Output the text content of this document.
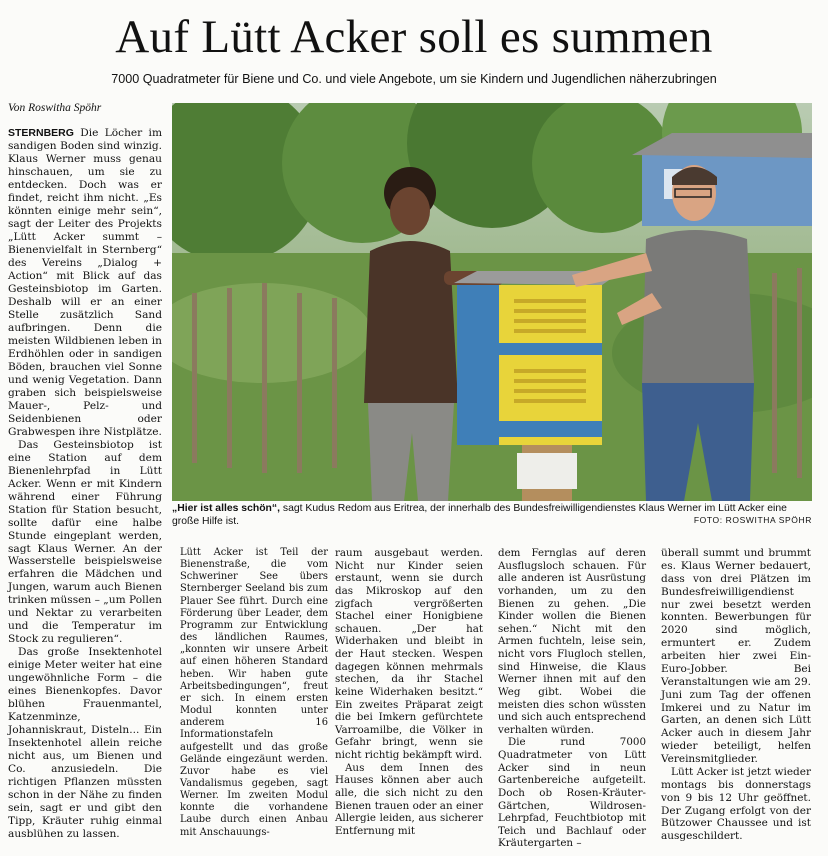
Auf Lütt Acker soll es summen
7000 Quadratmeter für Biene und Co. und viele Angebote, um sie Kindern und Jugendlichen näherzubringen
Von Roswitha Spöhr

STERNBERG Die Löcher im sandigen Boden sind winzig. Klaus Werner muss genau hinschauen, um sie zu entdecken. Doch was er findet, reicht ihm nicht. „Es könnten einige mehr sein“, sagt der Leiter des Projekts „Lütt Acker summt – Bienenvielfalt in Sternberg“ des Vereins „Dialog + Action“ mit Blick auf das Gesteinsbiotop im Garten. Deshalb will er an einer Stelle zusätzlich Sand aufbringen. Denn die meisten Wildbienen leben in Erdhöhlen oder in sandigen Böden, brauchen viel Sonne und wenig Vegetation. Dann graben sich beispielsweise Mauer-, Pelz- und Seidenbienen oder Grabwespen ihre Nistplätze.

Das Gesteinsbiotop ist eine Station auf dem Bienenlehrpfad in Lütt Acker. Wenn er mit Kindern während einer Führung Station für Station besucht, sollte dafür eine halbe Stunde eingeplant werden, sagt Klaus Werner. An der Wasserstelle beispielsweise erfahren die Mädchen und Jungen, warum auch Bienen trinken müssen – „um Pollen und Nektar zu verarbeiten und die Temperatur im Stock zu regulieren“.

Das große Insektenhotel einige Meter weiter hat eine ungewöhnliche Form – die eines Bienenkopfes. Davor blühen Frauenmantel, Katzenminze, Johanniskraut, Disteln... Ein Insektenhotel allein reiche nicht aus, um Bienen und Co. anzusiedeln. Die richtigen Pflanzen müssten schon in der Nähe zu finden sein, sagt er und gibt den Tipp, Kräuter ruhig einmal ausblühen zu lassen.

„Hier ist alles schön“, sagt Kudus Redom aus Eritrea, der innerhalb des Bundesfreiwilligendienstes Klaus Werner im Lütt Acker eine große Hilfe ist.	FOTO: ROSWITHA SPÖHR

Lütt Acker ist Teil der Bienenstraße, die vom Schweriner See übers Sternberger Seeland bis zum Plauer See führt. Durch eine Förderung über Leader, dem Programm zur Entwicklung des ländlichen Raumes, „konnten wir unsere Arbeit auf einen höheren Standard heben. Wir haben gute Arbeitsbedingungen“, freut er sich. In einem ersten Modul konnten unter anderem 16 Informationstafeln aufgestellt und das große Gelände eingezäunt werden. Zuvor habe es viel Vandalismus gegeben, sagt Werner. Im zweiten Modul konnte die vorhandene Laube durch einen Anbau mit Anschauungs-

raum ausgebaut werden. Nicht nur Kinder seien erstaunt, wenn sie durch das Mikroskop auf den zigfach vergrößerten Stachel einer Honigbiene schauen. „Der hat Widerhaken und bleibt in der Haut stecken. Wespen dagegen können mehrmals stechen, da ihr Stachel keine Widerhaken besitzt.“ Ein zweites Präparat zeigt die bei Imkern gefürchtete Varroamilbe, die Völker in Gefahr bringt, wenn sie nicht richtig bekämpft wird.

Aus dem Innen des Hauses können aber auch alle, die sich nicht zu den Bienen trauen oder an einer Allergie leiden, aus sicherer Entfernung mit

dem Fernglas auf deren Ausflugsloch schauen. Für alle anderen ist Ausrüstung vorhanden, um zu den Bienen zu gehen. „Die Kinder wollen die Bienen sehen.“ Nicht mit den Armen fuchteln, leise sein, nicht vors Flugloch stellen, sind Hinweise, die Klaus Werner ihnen mit auf den Weg gibt. Wobei die meisten dies schon wüssten und sich auch entsprechend verhalten würden.

Die rund 7000 Quadratmeter von Lütt Acker sind in neun Gartenbereiche aufgeteilt. Doch ob Rosen-Kräuter-Gärtchen, Wildrosen-Lehrpfad, Feuchtbiotop mit Teich und Bachlauf oder Kräutergarten –

überall summt und brummt es. Klaus Werner bedauert, dass von drei Plätzen im Bundesfreiwilligendienst nur zwei besetzt werden konnten. Bewerbungen für 2020 sind möglich, ermuntert er. Zudem arbeiten hier zwei Ein-Euro-Jobber. Bei Veranstaltungen wie am 29. Juni zum Tag der offenen Imkerei und zu Natur im Garten, an denen sich Lütt Acker auch in diesem Jahr wieder beteiligt, helfen Vereinsmitglieder.

Lütt Acker ist jetzt wieder montags bis donnerstags von 9 bis 12 Uhr geöffnet. Der Zugang erfolgt von der Bützower Chaussee und ist ausgeschildert.
